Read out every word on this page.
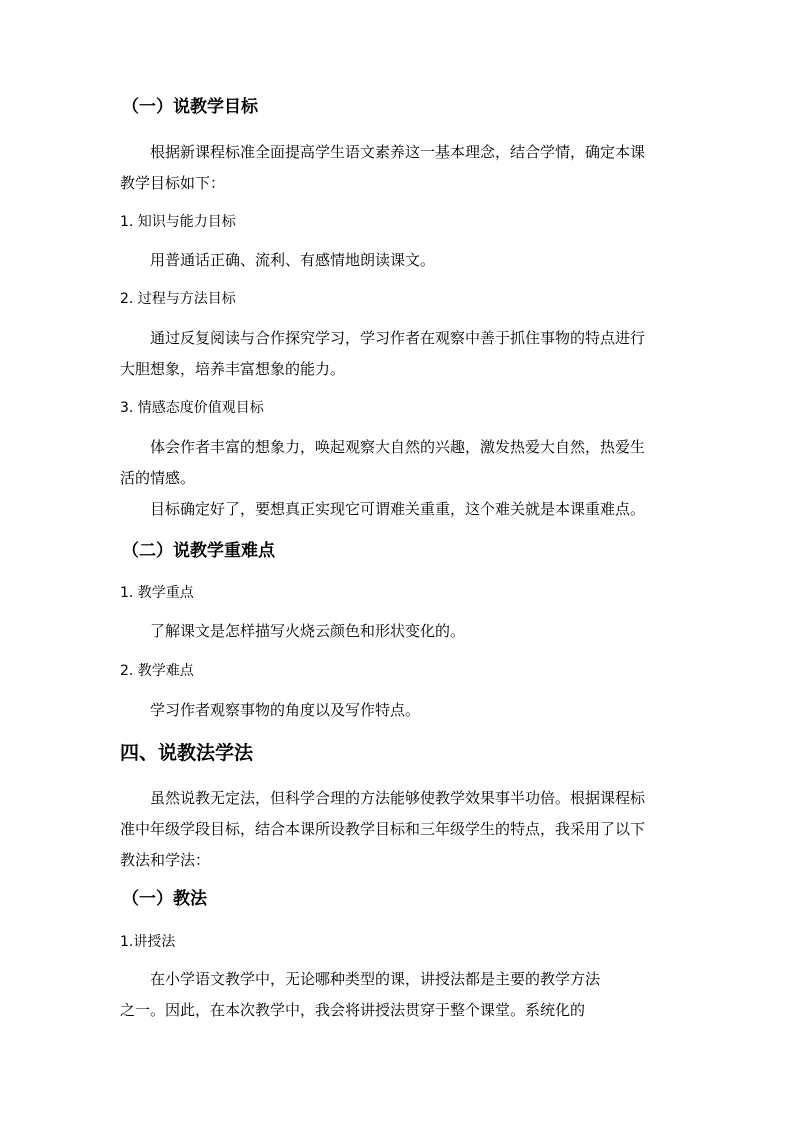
（一）说教学目标
根据新课程标准全面提高学生语文素养这一基本理念，结合学情，确定本课
教学目标如下：
1. 知识与能力目标
用普通话正确、流利、有感情地朗读课文。
2. 过程与方法目标
通过反复阅读与合作探究学习，学习作者在观察中善于抓住事物的特点进行
大胆想象，培养丰富想象的能力。
3. 情感态度价值观目标
体会作者丰富的想象力，唤起观察大自然的兴趣，激发热爱大自然，热爱生
活的情感。
目标确定好了，要想真正实现它可谓难关重重，这个难关就是本课重难点。
（二）说教学重难点
1. 教学重点
了解课文是怎样描写火烧云颜色和形状变化的。
2. 教学难点
学习作者观察事物的角度以及写作特点。
四、说教法学法
虽然说教无定法，但科学合理的方法能够使教学效果事半功倍。根据课程标
准中年级学段目标，结合本课所设教学目标和三年级学生的特点，我采用了以下
教法和学法：
（一）教法
1.讲授法
在小学语文教学中，无论哪种类型的课，讲授法都是主要的教学方法
之一。因此，在本次教学中，我会将讲授法贯穿于整个课堂。系统化的
